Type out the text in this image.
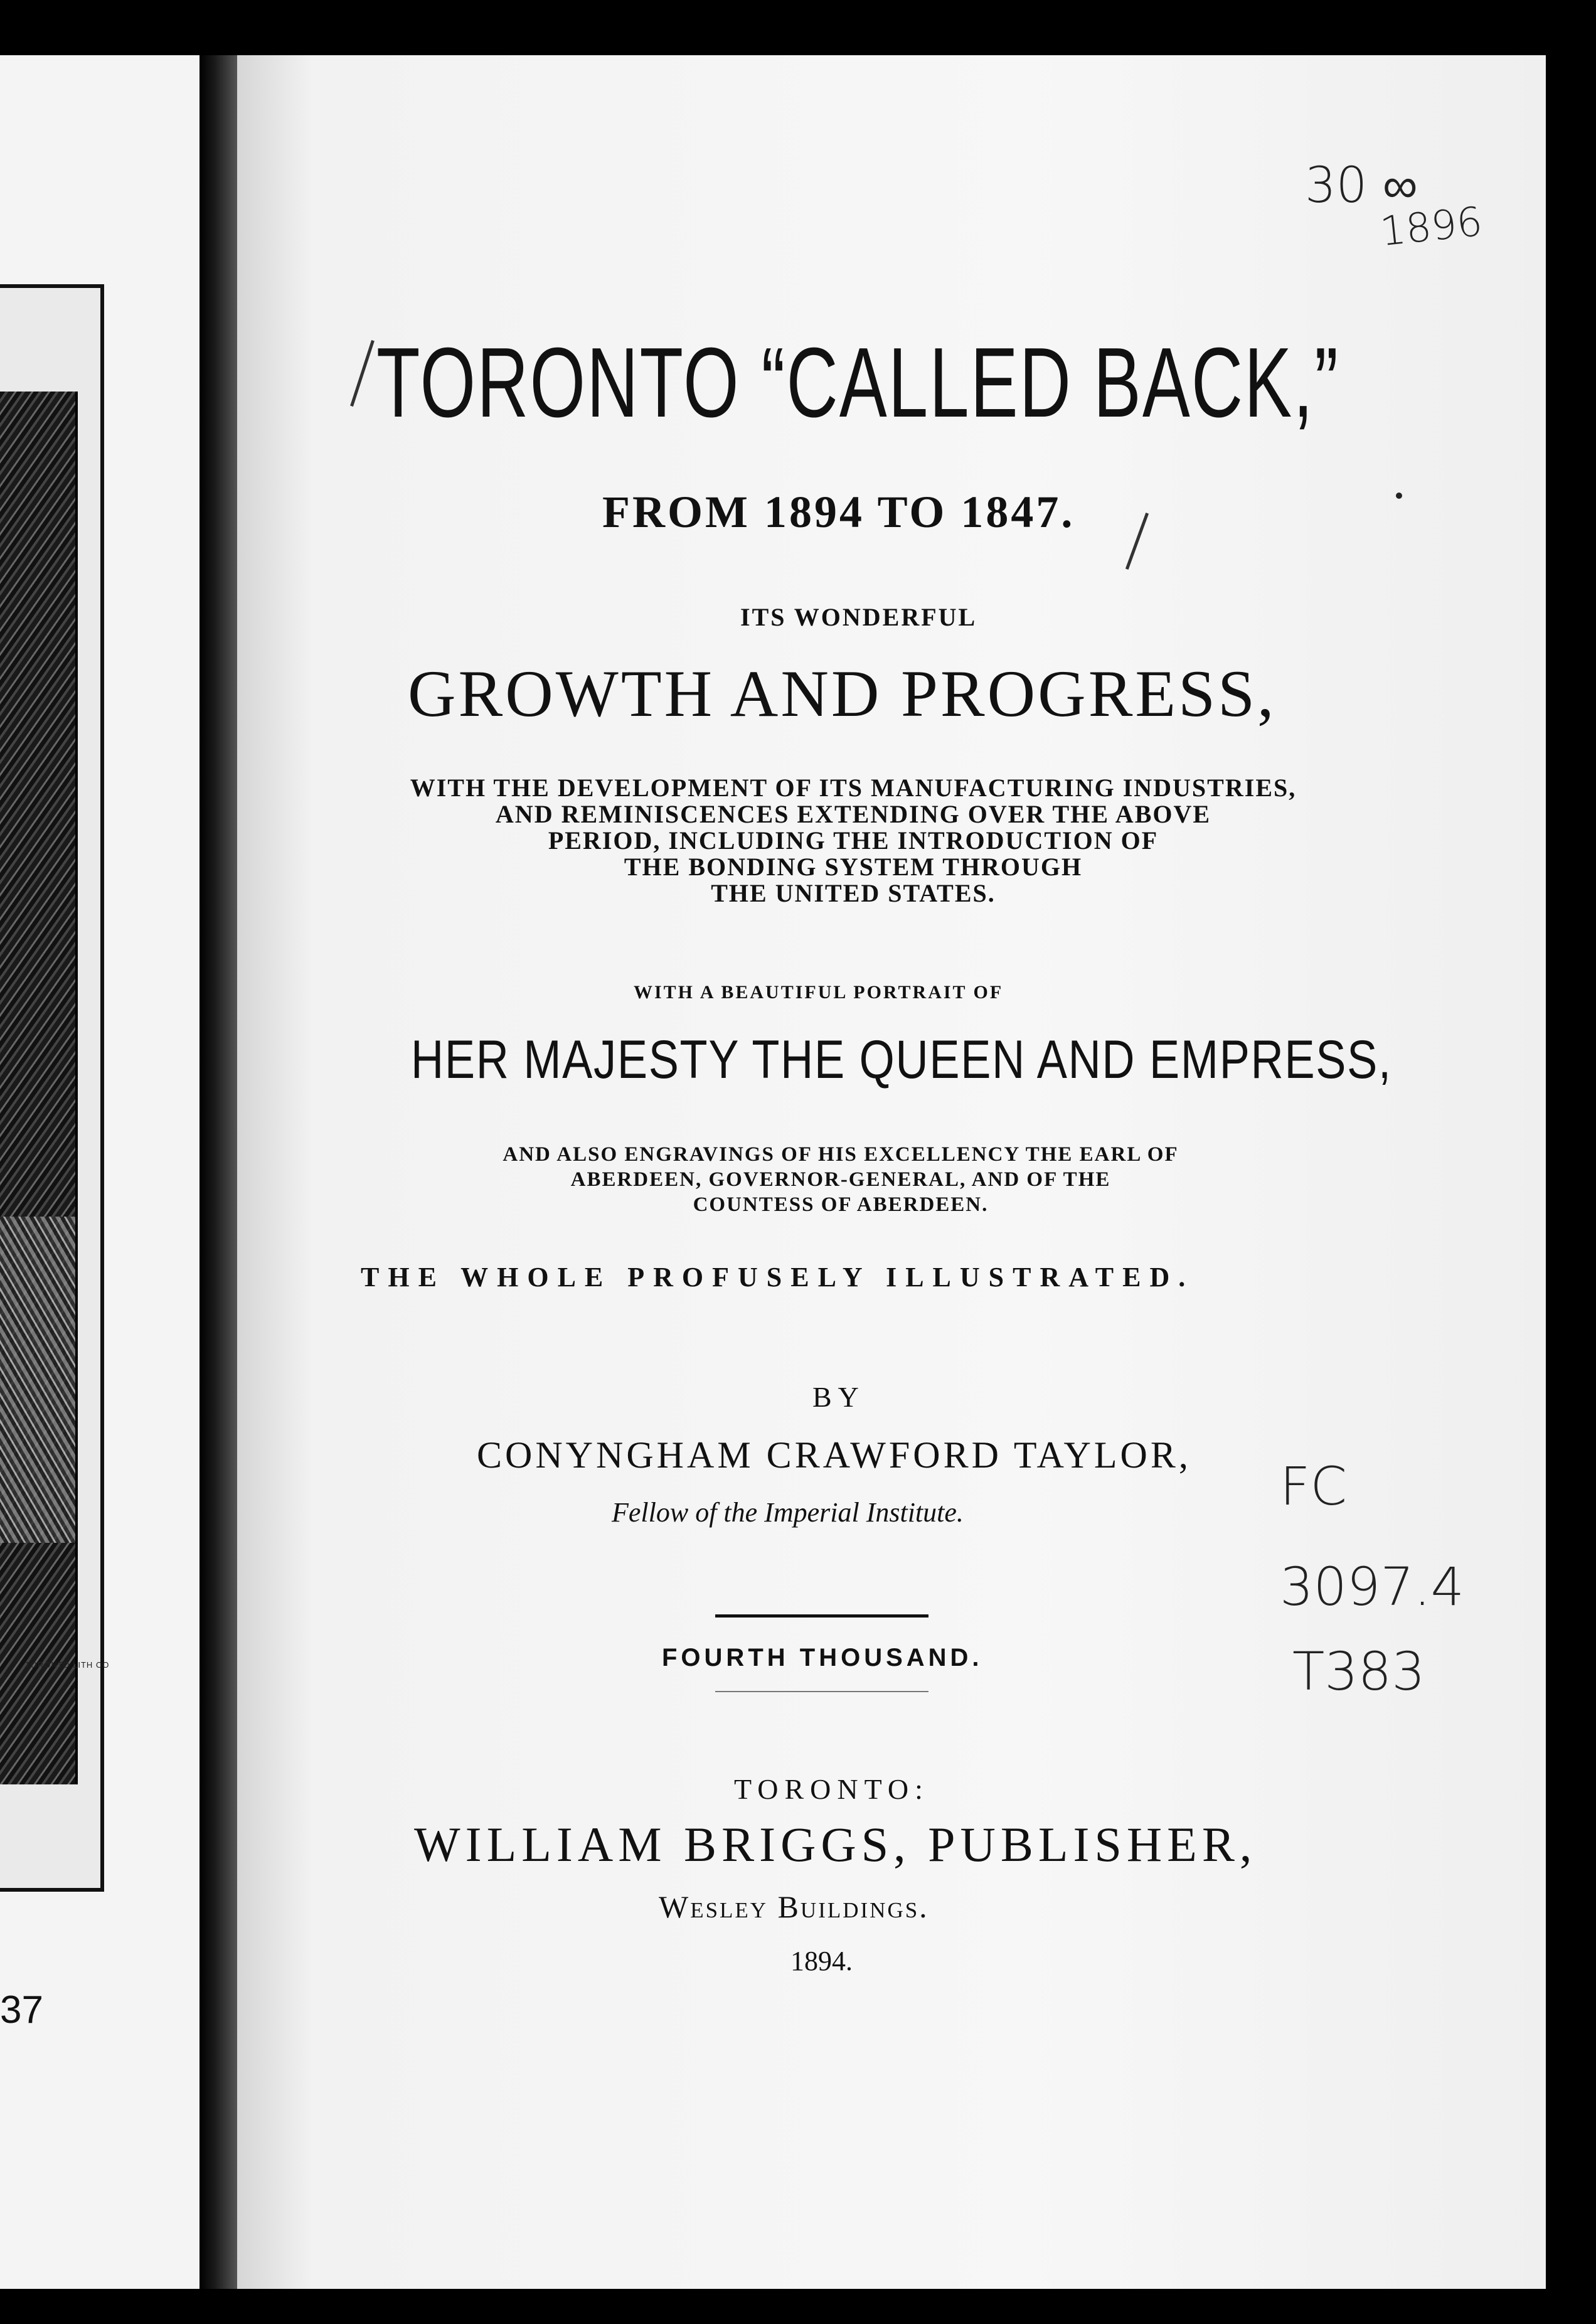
TORONTO LITH CO
37
TORONTO “CALLED BACK,”
FROM 1894 TO 1847.
ITS WONDERFUL
GROWTH AND PROGRESS,
WITH THE DEVELOPMENT OF ITS MANUFACTURING INDUSTRIES,
AND REMINISCENCES EXTENDING OVER THE ABOVE
PERIOD, INCLUDING THE INTRODUCTION OF
THE BONDING SYSTEM THROUGH
THE UNITED STATES.
WITH A BEAUTIFUL PORTRAIT OF
HER MAJESTY THE QUEEN AND EMPRESS,
AND ALSO ENGRAVINGS OF HIS EXCELLENCY THE EARL OF
ABERDEEN, GOVERNOR-GENERAL, AND OF THE
COUNTESS OF ABERDEEN.
THE WHOLE PROFUSELY ILLUSTRATED.
BY
CONYNGHAM CRAWFORD TAYLOR,
Fellow of the Imperial Institute.
FOURTH THOUSAND.
TORONTO:
WILLIAM BRIGGS, PUBLISHER,
Wesley Buildings.
1894.
30 ∞
1896
FC
3097.4
T383
